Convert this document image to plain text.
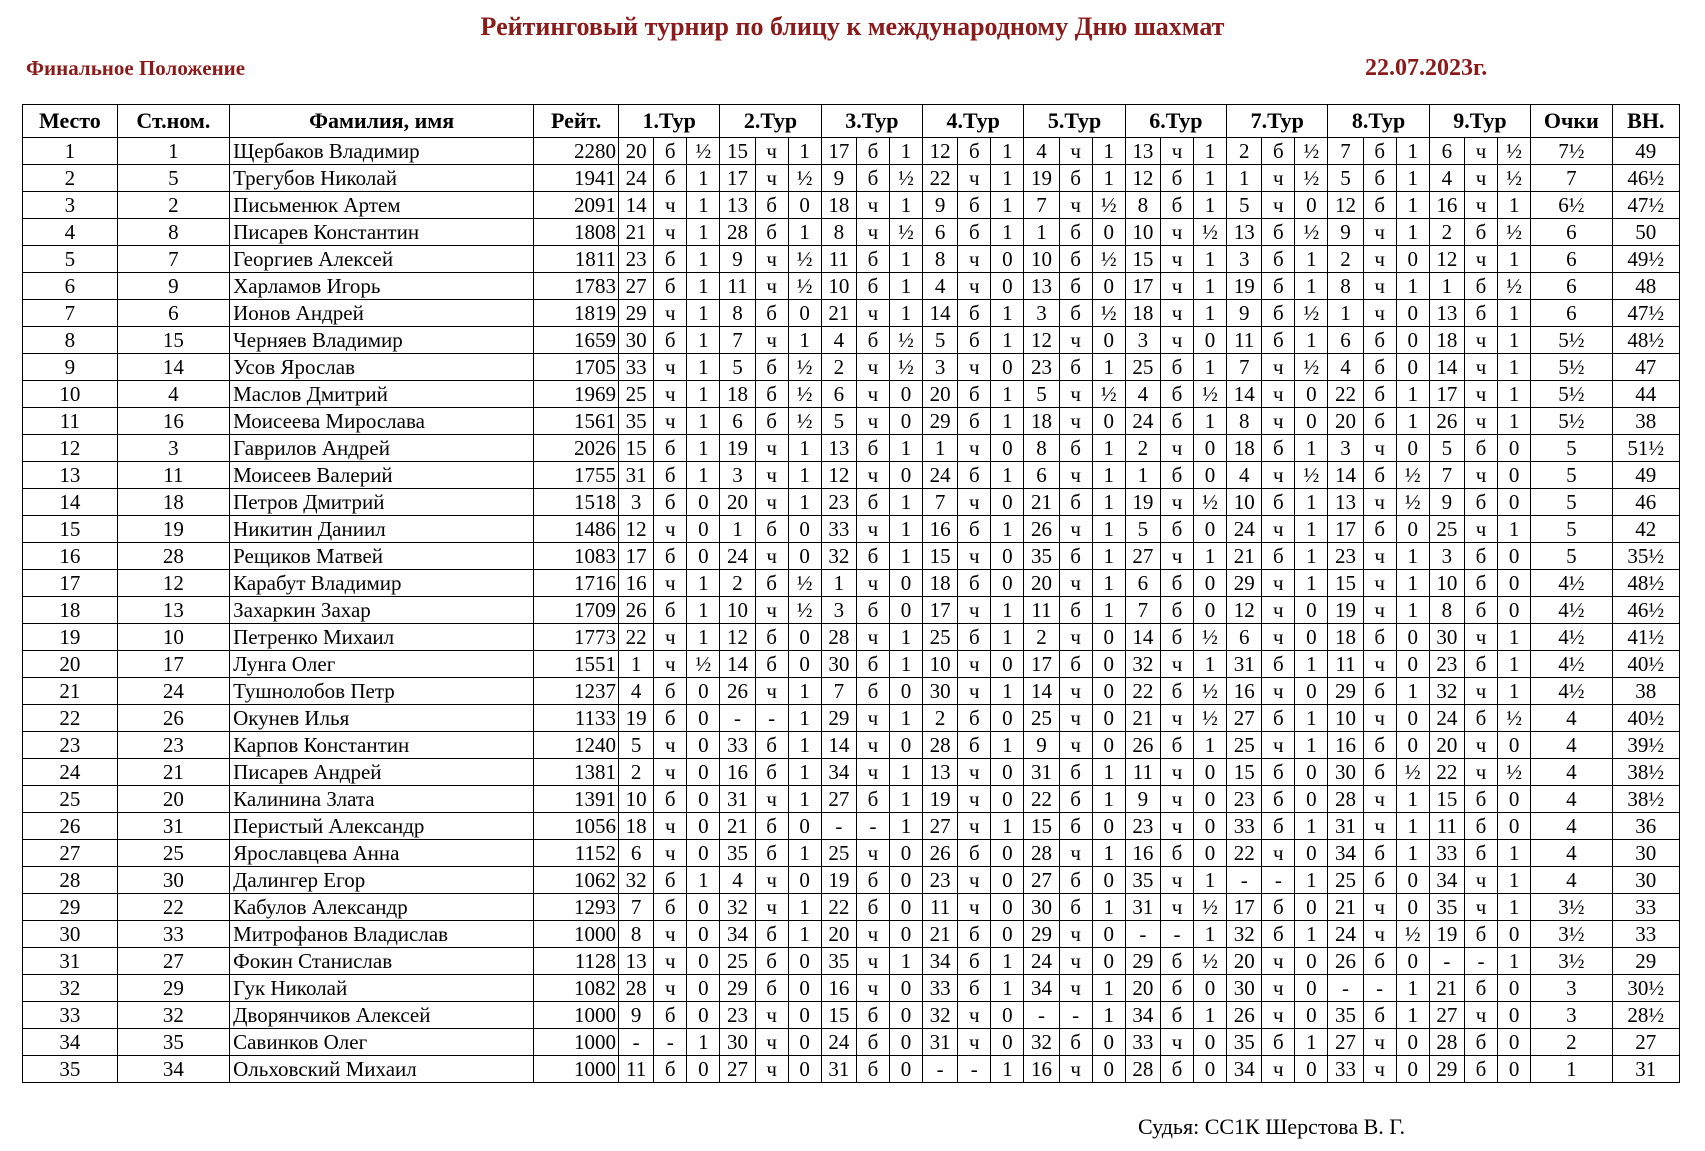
Рейтинговый турнир по блицу к международному Дню шахмат
Финальное Положение	22.07.2023г.
Место	Ст.ном.	Фамилия, имя	Рейт.	1.Тур			2.Тур			3.Тур			4.Тур			5.Тур			6.Тур			7.Тур			8.Тур			9.Тур			Очки	ВН.
1	1	Щербаков Владимир	2280	20	б	½	15	ч	1	17	б	1	12	б	1	4	ч	1	13	ч	1	2	б	½	7	б	1	6	ч	½	7½	49
2	5	Трегубов Николай	1941	24	б	1	17	ч	½	9	б	½	22	ч	1	19	б	1	12	б	1	1	ч	½	5	б	1	4	ч	½	7	46½
3	2	Письменюк Артем	2091	14	ч	1	13	б	0	18	ч	1	9	б	1	7	ч	½	8	б	1	5	ч	0	12	б	1	16	ч	1	6½	47½
4	8	Писарев Константин	1808	21	ч	1	28	б	1	8	ч	½	6	б	1	1	б	0	10	ч	½	13	б	½	9	ч	1	2	б	½	6	50
5	7	Георгиев Алексей	1811	23	б	1	9	ч	½	11	б	1	8	ч	0	10	б	½	15	ч	1	3	б	1	2	ч	0	12	ч	1	6	49½
6	9	Харламов Игорь	1783	27	б	1	11	ч	½	10	б	1	4	ч	0	13	б	0	17	ч	1	19	б	1	8	ч	1	1	б	½	6	48
7	6	Ионов Андрей	1819	29	ч	1	8	б	0	21	ч	1	14	б	1	3	б	½	18	ч	1	9	б	½	1	ч	0	13	б	1	6	47½
8	15	Черняев Владимир	1659	30	б	1	7	ч	1	4	б	½	5	б	1	12	ч	0	3	ч	0	11	б	1	6	б	0	18	ч	1	5½	48½
9	14	Усов Ярослав	1705	33	ч	1	5	б	½	2	ч	½	3	ч	0	23	б	1	25	б	1	7	ч	½	4	б	0	14	ч	1	5½	47
10	4	Маслов Дмитрий	1969	25	ч	1	18	б	½	6	ч	0	20	б	1	5	ч	½	4	б	½	14	ч	0	22	б	1	17	ч	1	5½	44
11	16	Моисеева Мирослава	1561	35	ч	1	6	б	½	5	ч	0	29	б	1	18	ч	0	24	б	1	8	ч	0	20	б	1	26	ч	1	5½	38
12	3	Гаврилов Андрей	2026	15	б	1	19	ч	1	13	б	1	1	ч	0	8	б	1	2	ч	0	18	б	1	3	ч	0	5	б	0	5	51½
13	11	Моисеев Валерий	1755	31	б	1	3	ч	1	12	ч	0	24	б	1	6	ч	1	1	б	0	4	ч	½	14	б	½	7	ч	0	5	49
14	18	Петров Дмитрий	1518	3	б	0	20	ч	1	23	б	1	7	ч	0	21	б	1	19	ч	½	10	б	1	13	ч	½	9	б	0	5	46
15	19	Никитин Даниил	1486	12	ч	0	1	б	0	33	ч	1	16	б	1	26	ч	1	5	б	0	24	ч	1	17	б	0	25	ч	1	5	42
16	28	Рещиков Матвей	1083	17	б	0	24	ч	0	32	б	1	15	ч	0	35	б	1	27	ч	1	21	б	1	23	ч	1	3	б	0	5	35½
17	12	Карабут Владимир	1716	16	ч	1	2	б	½	1	ч	0	18	б	0	20	ч	1	6	б	0	29	ч	1	15	ч	1	10	б	0	4½	48½
18	13	Захаркин Захар	1709	26	б	1	10	ч	½	3	б	0	17	ч	1	11	б	1	7	б	0	12	ч	0	19	ч	1	8	б	0	4½	46½
19	10	Петренко Михаил	1773	22	ч	1	12	б	0	28	ч	1	25	б	1	2	ч	0	14	б	½	6	ч	0	18	б	0	30	ч	1	4½	41½
20	17	Лунга Олег	1551	1	ч	½	14	б	0	30	б	1	10	ч	0	17	б	0	32	ч	1	31	б	1	11	ч	0	23	б	1	4½	40½
21	24	Тушнолобов Петр	1237	4	б	0	26	ч	1	7	б	0	30	ч	1	14	ч	0	22	б	½	16	ч	0	29	б	1	32	ч	1	4½	38
22	26	Окунев Илья	1133	19	б	0	-	-	1	29	ч	1	2	б	0	25	ч	0	21	ч	½	27	б	1	10	ч	0	24	б	½	4	40½
23	23	Карпов Константин	1240	5	ч	0	33	б	1	14	ч	0	28	б	1	9	ч	0	26	б	1	25	ч	1	16	б	0	20	ч	0	4	39½
24	21	Писарев Андрей	1381	2	ч	0	16	б	1	34	ч	1	13	ч	0	31	б	1	11	ч	0	15	б	0	30	б	½	22	ч	½	4	38½
25	20	Калинина Злата	1391	10	б	0	31	ч	1	27	б	1	19	ч	0	22	б	1	9	ч	0	23	б	0	28	ч	1	15	б	0	4	38½
26	31	Перистый Александр	1056	18	ч	0	21	б	0	-	-	1	27	ч	1	15	б	0	23	ч	0	33	б	1	31	ч	1	11	б	0	4	36
27	25	Ярославцева Анна	1152	6	ч	0	35	б	1	25	ч	0	26	б	0	28	ч	1	16	б	0	22	ч	0	34	б	1	33	б	1	4	30
28	30	Далингер Егор	1062	32	б	1	4	ч	0	19	б	0	23	ч	0	27	б	0	35	ч	1	-	-	1	25	б	0	34	ч	1	4	30
29	22	Кабулов Александр	1293	7	б	0	32	ч	1	22	б	0	11	ч	0	30	б	1	31	ч	½	17	б	0	21	ч	0	35	ч	1	3½	33
30	33	Митрофанов Владислав	1000	8	ч	0	34	б	1	20	ч	0	21	б	0	29	ч	0	-	-	1	32	б	1	24	ч	½	19	б	0	3½	33
31	27	Фокин Станислав	1128	13	ч	0	25	б	0	35	ч	1	34	б	1	24	ч	0	29	б	½	20	ч	0	26	б	0	-	-	1	3½	29
32	29	Гук Николай	1082	28	ч	0	29	б	0	16	ч	0	33	б	1	34	ч	1	20	б	0	30	ч	0	-	-	1	21	б	0	3	30½
33	32	Дворянчиков Алексей	1000	9	б	0	23	ч	0	15	б	0	32	ч	0	-	-	1	34	б	1	26	ч	0	35	б	1	27	ч	0	3	28½
34	35	Савинков Олег	1000	-	-	1	30	ч	0	24	б	0	31	ч	0	32	б	0	33	ч	0	35	б	1	27	ч	0	28	б	0	2	27
35	34	Ольховский Михаил	1000	11	б	0	27	ч	0	31	б	0	-	-	1	16	ч	0	28	б	0	34	ч	0	33	ч	0	29	б	0	1	31
Судья: СС1К Шерстова В. Г.
